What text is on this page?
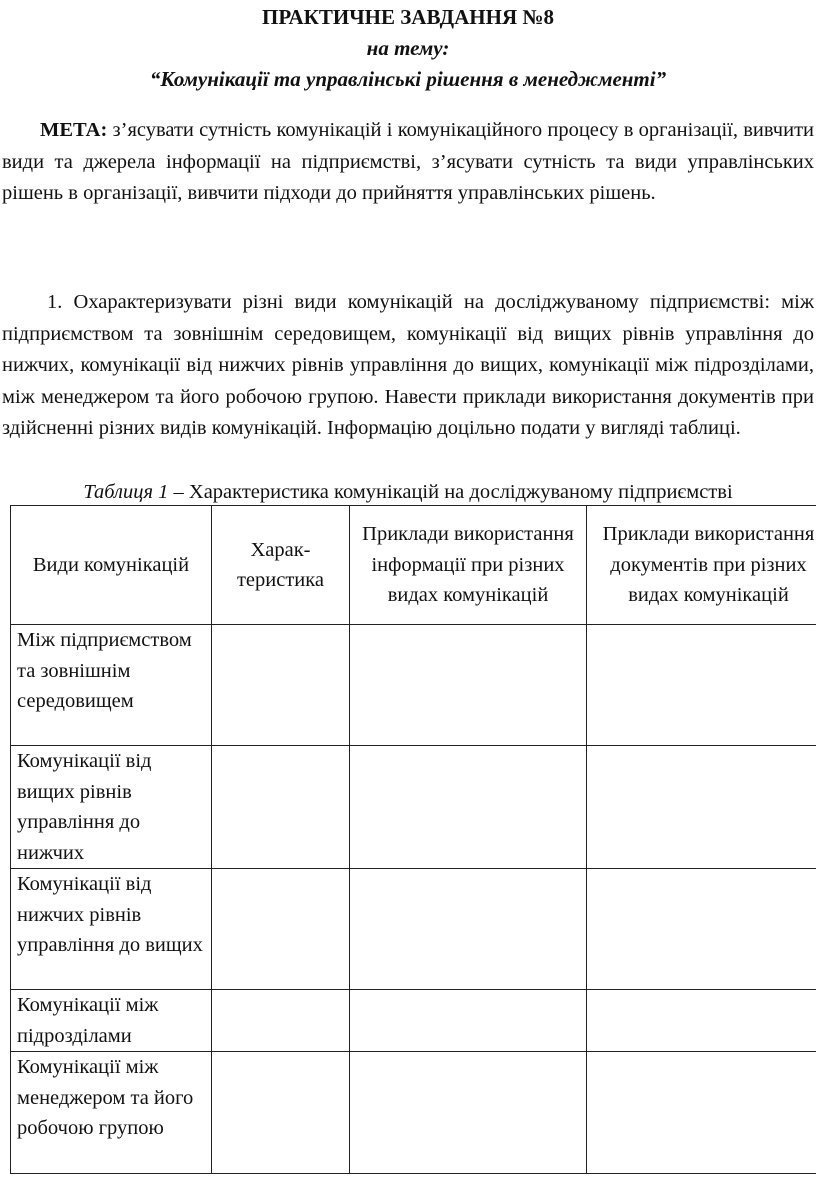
ПРАКТИЧНЕ ЗАВДАННЯ №8

на тему:

“Комунікації та управлінські рішення в менеджменті”

МЕТА: з’ясувати сутність комунікацій і комунікаційного процесу в організації, вивчити види та джерела інформації на підприємстві, з’ясувати сутність та види управлінських рішень в організації, вивчити підходи до прийняття управлінських рішень.

1. Охарактеризувати різні види комунікацій на досліджуваному підприємстві: між підприємством та зовнішнім середовищем, комунікації від вищих рівнів управління до нижчих, комунікації від нижчих рівнів управління до вищих, комунікації між підрозділами, між менеджером та його робочою групою. Навести приклади використання документів при здійсненні різних видів комунікацій. Інформацію доцільно подати у вигляді таблиці.

Таблиця 1 – Характеристика комунікацій на досліджуваному підприємстві

Види комунікацій	Харак-теристика	Приклади використання інформації при різних видах комунікацій	Приклади використання документів при різних видах комунікацій
Між підприємством та зовнішнім середовищем			
Комунікації від вищих рівнів управління до нижчих			
Комунікації від нижчих рівнів управління до вищих			
Комунікації між підрозділами			
Комунікації між менеджером та його робочою групою			
